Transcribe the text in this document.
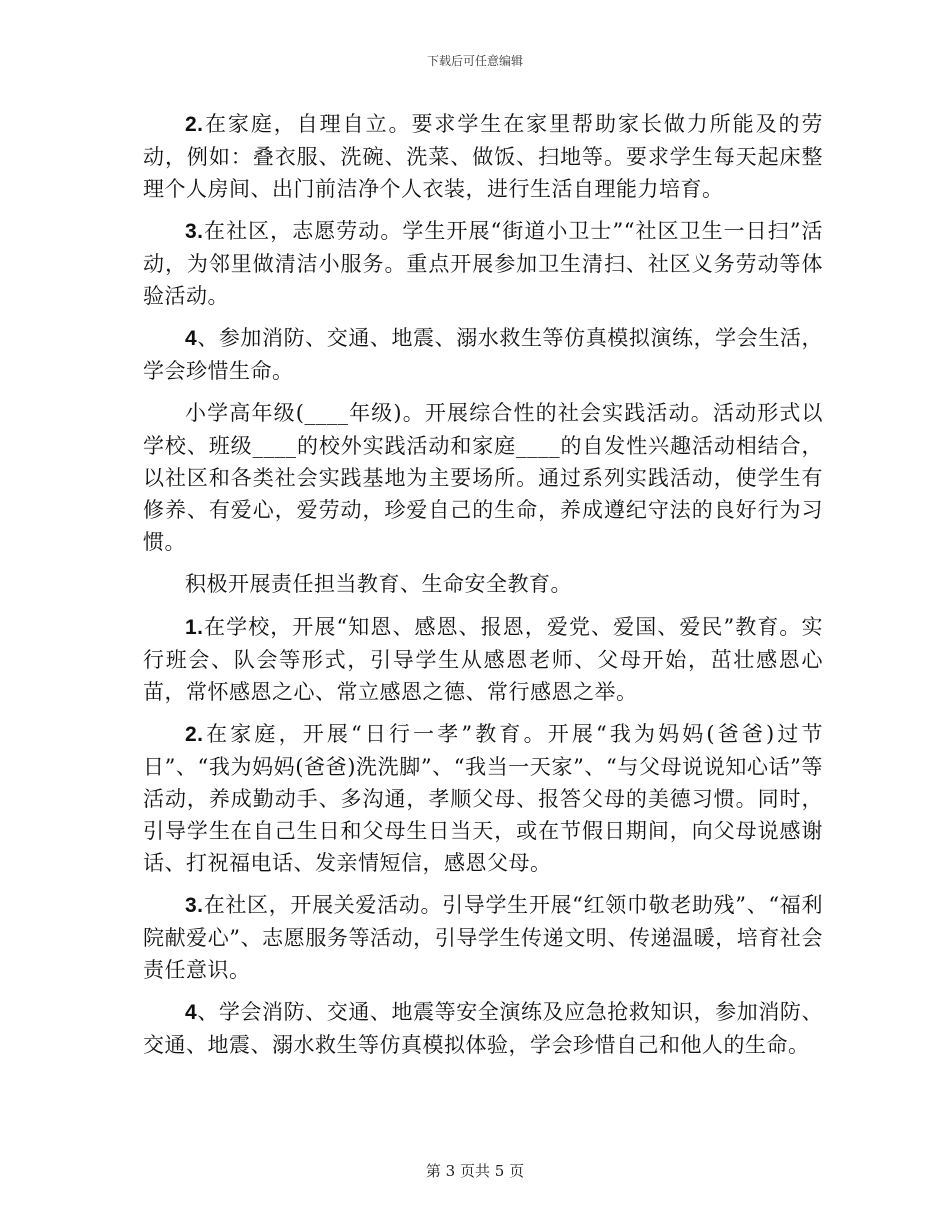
下载后可任意编辑

2.在家庭，自理自立。要求学生在家里帮助家长做力所能及的劳动，例如：叠衣服、洗碗、洗菜、做饭、扫地等。要求学生每天起床整理个人房间、出门前洁净个人衣装，进行生活自理能力培育。

3.在社区，志愿劳动。学生开展“街道小卫士”“社区卫生一日扫”活动，为邻里做清洁小服务。重点开展参加卫生清扫、社区义务劳动等体验活动。

4、参加消防、交通、地震、溺水救生等仿真模拟演练，学会生活，学会珍惜生命。

小学高年级(____年级)。开展综合性的社会实践活动。活动形式以学校、班级____的校外实践活动和家庭____的自发性兴趣活动相结合，以社区和各类社会实践基地为主要场所。通过系列实践活动，使学生有修养、有爱心，爱劳动，珍爱自己的生命，养成遵纪守法的良好行为习惯。

积极开展责任担当教育、生命安全教育。

1.在学校，开展“知恩、感恩、报恩，爱党、爱国、爱民”教育。实行班会、队会等形式，引导学生从感恩老师、父母开始，茁壮感恩心苗，常怀感恩之心、常立感恩之德、常行感恩之举。

2.在家庭，开展“日行一孝”教育。开展“我为妈妈(爸爸)过节日”、“我为妈妈(爸爸)洗洗脚”、“我当一天家”、“与父母说说知心话”等活动，养成勤动手、多沟通，孝顺父母、报答父母的美德习惯。同时，引导学生在自己生日和父母生日当天，或在节假日期间，向父母说感谢话、打祝福电话、发亲情短信，感恩父母。

3.在社区，开展关爱活动。引导学生开展“红领巾敬老助残”、“福利院献爱心”、志愿服务等活动，引导学生传递文明、传递温暖，培育社会责任意识。

4、学会消防、交通、地震等安全演练及应急抢救知识，参加消防、交通、地震、溺水救生等仿真模拟体验，学会珍惜自己和他人的生命。

第 3 页共 5 页
